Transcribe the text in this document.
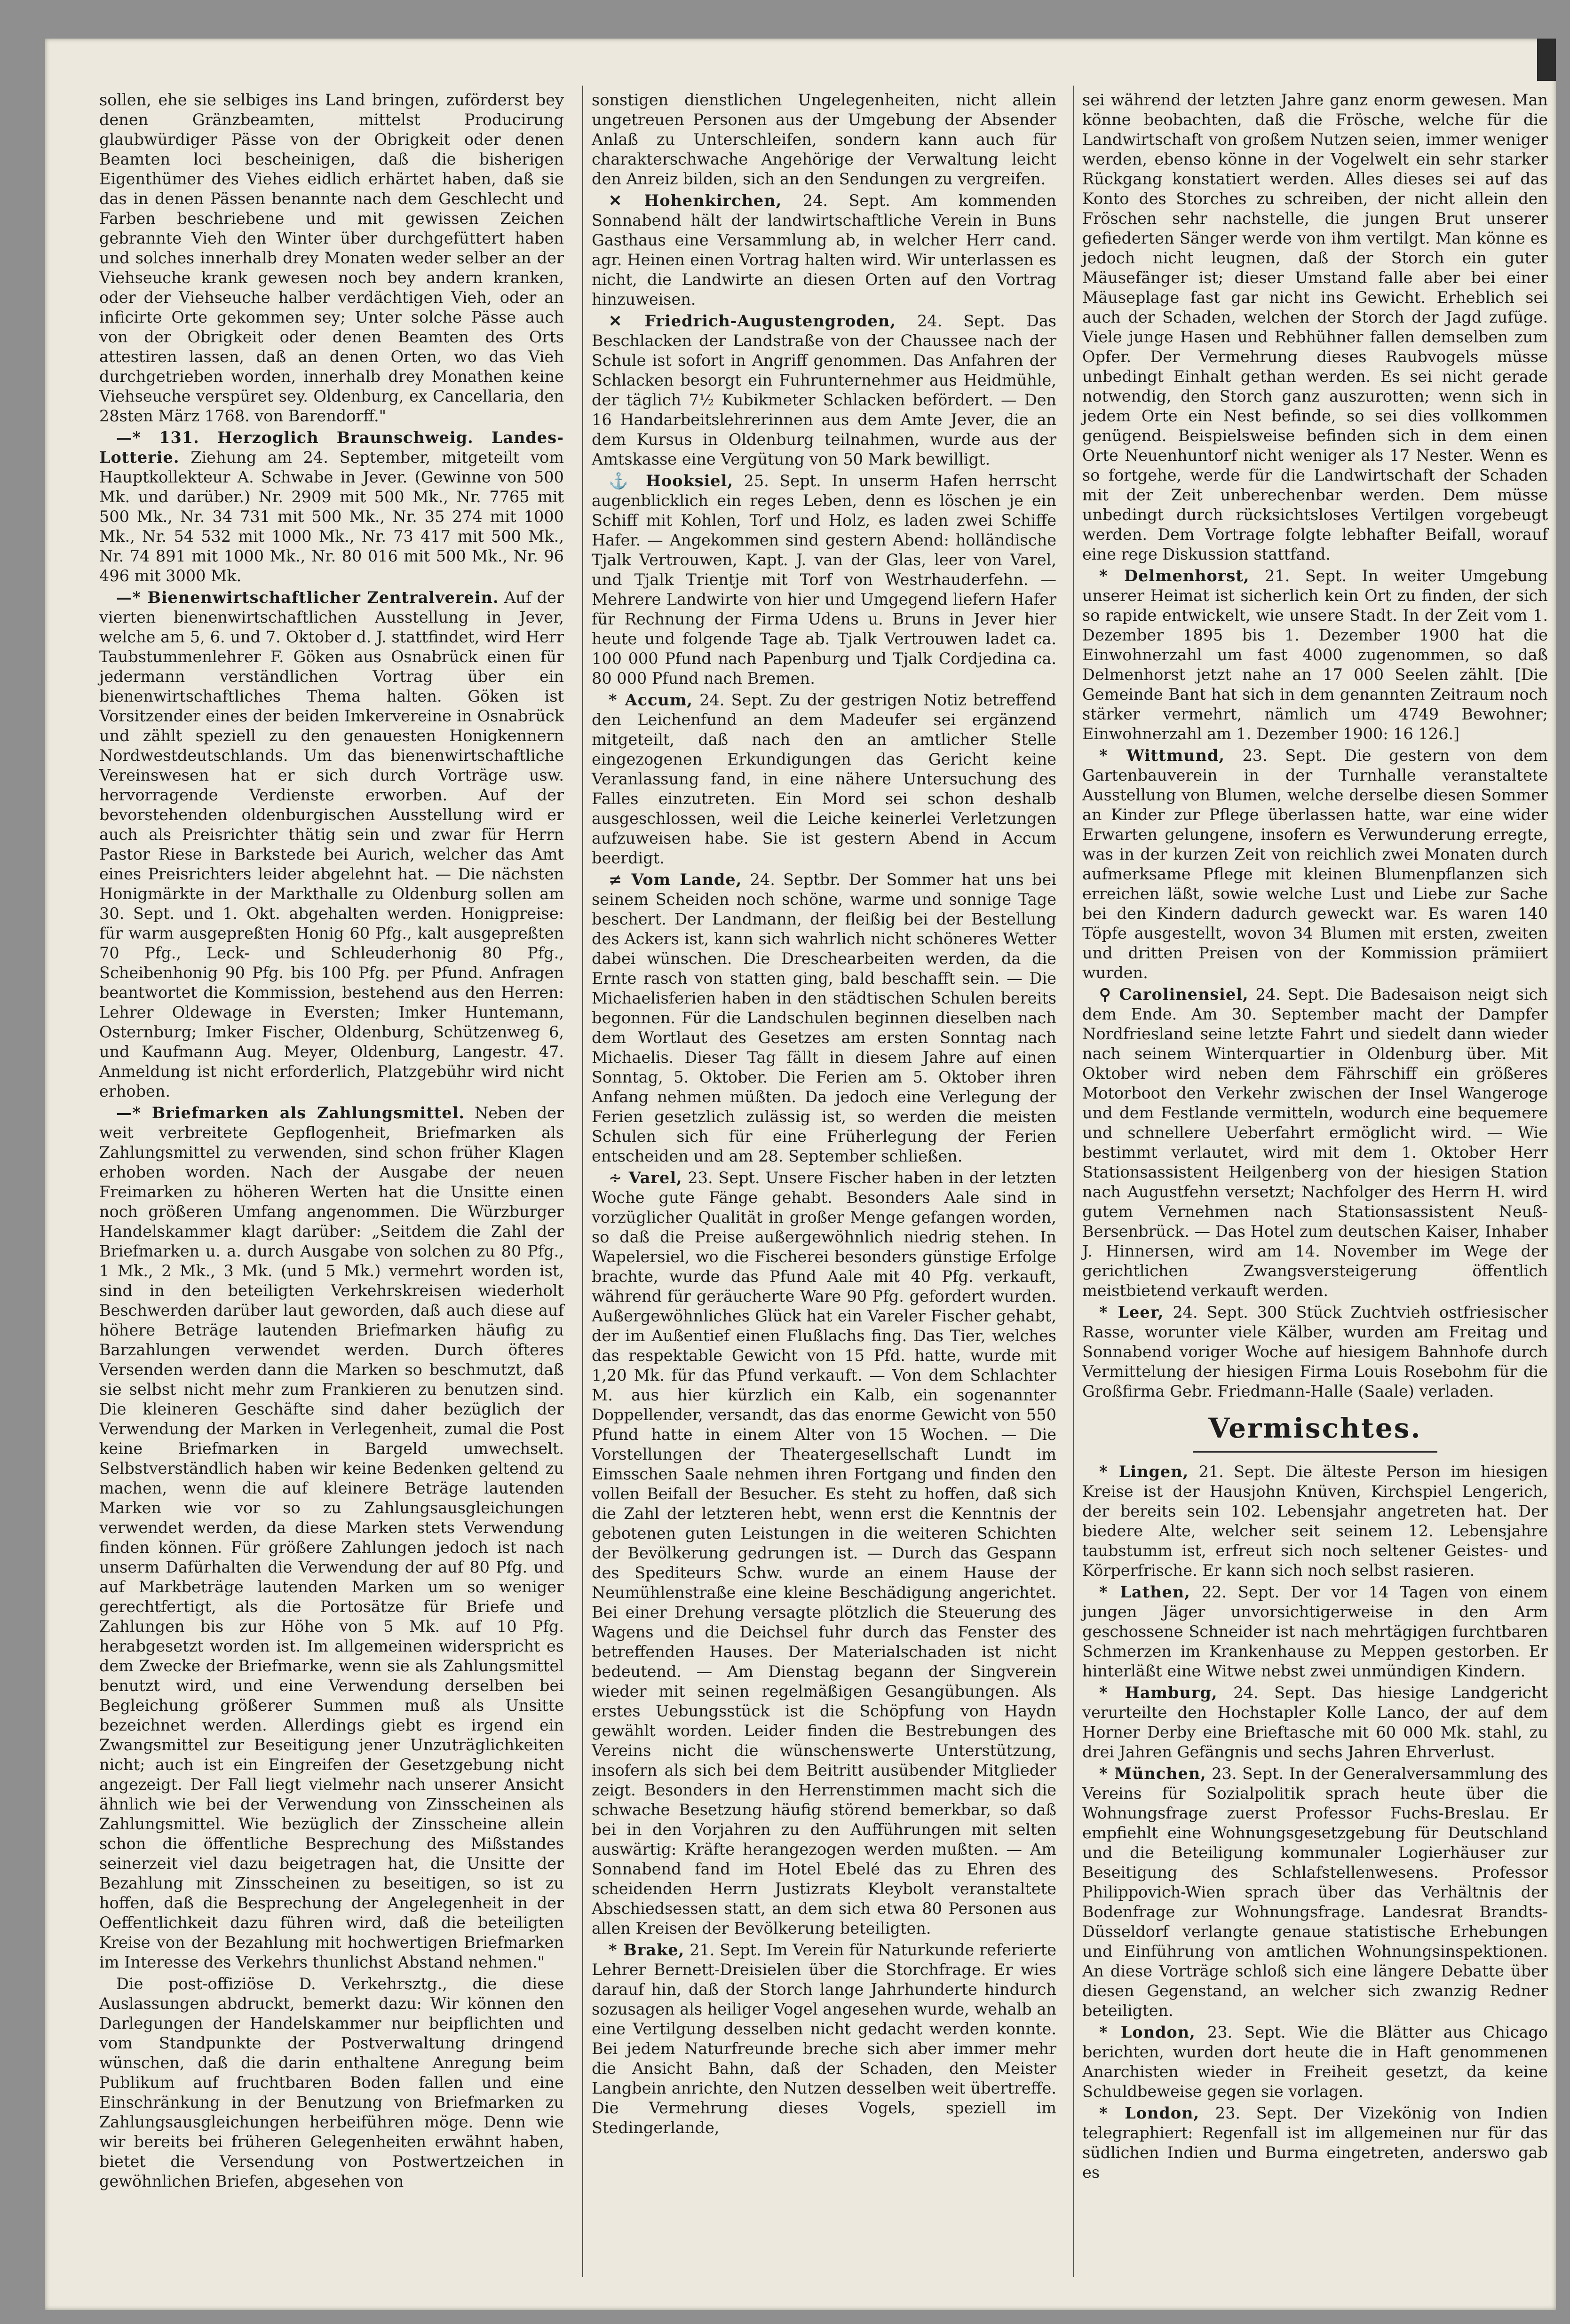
sollen, ehe sie selbiges ins Land bringen, zuförderst bey denen Gränzbeamten, mittelst Producirung glaubwürdiger Pässe von der Obrigkeit oder denen Beamten loci bescheinigen, daß die bisherigen Eigenthümer des Viehes eidlich erhärtet haben, daß sie das in denen Pässen benannte nach dem Geschlecht und Farben beschriebene und mit gewissen Zeichen gebrannte Vieh den Winter über durchgefüttert haben und solches innerhalb drey Monaten weder selber an der Viehseuche krank gewesen noch bey andern kranken, oder der Viehseuche halber verdächtigen Vieh, oder an inficirte Orte gekommen sey; Unter solche Pässe auch von der Obrigkeit oder denen Beamten des Orts attestiren lassen, daß an denen Orten, wo das Vieh durchgetrieben worden, innerhalb drey Monathen keine Viehseuche verspüret sey. Oldenburg, ex Cancellaria, den 28sten März 1768. von Barendorff."

—* 131. Herzoglich Braunschweig. Landes-Lotterie. Ziehung am 24. September, mitgeteilt vom Hauptkollekteur A. Schwabe in Jever. (Gewinne von 500 Mk. und darüber.) Nr. 2909 mit 500 Mk., Nr. 7765 mit 500 Mk., Nr. 34 731 mit 500 Mk., Nr. 35 274 mit 1000 Mk., Nr. 54 532 mit 1000 Mk., Nr. 73 417 mit 500 Mk., Nr. 74 891 mit 1000 Mk., Nr. 80 016 mit 500 Mk., Nr. 96 496 mit 3000 Mk.

—* Bienenwirtschaftlicher Zentralverein. Auf der vierten bienenwirtschaftlichen Ausstellung in Jever, welche am 5, 6. und 7. Oktober d. J. stattfindet, wird Herr Taubstummenlehrer F. Göken aus Osnabrück einen für jedermann verständlichen Vortrag über ein bienenwirtschaftliches Thema halten. Göken ist Vorsitzender eines der beiden Imkervereine in Osnabrück und zählt speziell zu den genauesten Honigkennern Nordwestdeutschlands. Um das bienenwirtschaftliche Vereinswesen hat er sich durch Vorträge usw. hervorragende Verdienste erworben. Auf der bevorstehenden oldenburgischen Ausstellung wird er auch als Preisrichter thätig sein und zwar für Herrn Pastor Riese in Barkstede bei Aurich, welcher das Amt eines Preisrichters leider abgelehnt hat. — Die nächsten Honigmärkte in der Markthalle zu Oldenburg sollen am 30. Sept. und 1. Okt. abgehalten werden. Honigpreise: für warm ausgepreßten Honig 60 Pfg., kalt ausgepreßten 70 Pfg., Leck- und Schleuderhonig 80 Pfg., Scheibenhonig 90 Pfg. bis 100 Pfg. per Pfund. Anfragen beantwortet die Kommission, bestehend aus den Herren: Lehrer Oldewage in Eversten; Imker Huntemann, Osternburg; Imker Fischer, Oldenburg, Schützenweg 6, und Kaufmann Aug. Meyer, Oldenburg, Langestr. 47. Anmeldung ist nicht erforderlich, Platzgebühr wird nicht erhoben.

—* Briefmarken als Zahlungsmittel. Neben der weit verbreitete Gepflogenheit, Briefmarken als Zahlungsmittel zu verwenden, sind schon früher Klagen erhoben worden. Nach der Ausgabe der neuen Freimarken zu höheren Werten hat die Unsitte einen noch größeren Umfang angenommen. Die Würzburger Handelskammer klagt darüber: „Seitdem die Zahl der Briefmarken u. a. durch Ausgabe von solchen zu 80 Pfg., 1 Mk., 2 Mk., 3 Mk. (und 5 Mk.) vermehrt worden ist, sind in den beteiligten Verkehrskreisen wiederholt Beschwerden darüber laut geworden, daß auch diese auf höhere Beträge lautenden Briefmarken häufig zu Barzahlungen verwendet werden. Durch öfteres Versenden werden dann die Marken so beschmutzt, daß sie selbst nicht mehr zum Frankieren zu benutzen sind. Die kleineren Geschäfte sind daher bezüglich der Verwendung der Marken in Verlegenheit, zumal die Post keine Briefmarken in Bargeld umwechselt. Selbstverständlich haben wir keine Bedenken geltend zu machen, wenn die auf kleinere Beträge lautenden Marken wie vor so zu Zahlungsausgleichungen verwendet werden, da diese Marken stets Verwendung finden können. Für größere Zahlungen jedoch ist nach unserm Dafürhalten die Verwendung der auf 80 Pfg. und auf Markbeträge lautenden Marken um so weniger gerechtfertigt, als die Portosätze für Briefe und Zahlungen bis zur Höhe von 5 Mk. auf 10 Pfg. herabgesetzt worden ist. Im allgemeinen widerspricht es dem Zwecke der Briefmarke, wenn sie als Zahlungsmittel benutzt wird, und eine Verwendung derselben bei Begleichung größerer Summen muß als Unsitte bezeichnet werden. Allerdings giebt es irgend ein Zwangsmittel zur Beseitigung jener Unzuträglichkeiten nicht; auch ist ein Eingreifen der Gesetzgebung nicht angezeigt. Der Fall liegt vielmehr nach unserer Ansicht ähnlich wie bei der Verwendung von Zinsscheinen als Zahlungsmittel. Wie bezüglich der Zinsscheine allein schon die öffentliche Besprechung des Mißstandes seinerzeit viel dazu beigetragen hat, die Unsitte der Bezahlung mit Zinsscheinen zu beseitigen, so ist zu hoffen, daß die Besprechung der Angelegenheit in der Oeffentlichkeit dazu führen wird, daß die beteiligten Kreise von der Bezahlung mit hochwertigen Briefmarken im Interesse des Verkehrs thunlichst Abstand nehmen."

Die post-offiziöse D. Verkehrsztg., die diese Auslassungen abdruckt, bemerkt dazu: Wir können den Darlegungen der Handelskammer nur beipflichten und vom Standpunkte der Postverwaltung dringend wünschen, daß die darin enthaltene Anregung beim Publikum auf fruchtbaren Boden fallen und eine Einschränkung in der Benutzung von Briefmarken zu Zahlungsausgleichungen herbeiführen möge. Denn wie wir bereits bei früheren Gelegenheiten erwähnt haben, bietet die Versendung von Postwertzeichen in gewöhnlichen Briefen, abgesehen von

sonstigen dienstlichen Ungelegenheiten, nicht allein ungetreuen Personen aus der Umgebung der Absender Anlaß zu Unterschleifen, sondern kann auch für charakterschwache Angehörige der Verwaltung leicht den Anreiz bilden, sich an den Sendungen zu vergreifen.

✕ Hohenkirchen, 24. Sept. Am kommenden Sonnabend hält der landwirtschaftliche Verein in Buns Gasthaus eine Versammlung ab, in welcher Herr cand. agr. Heinen einen Vortrag halten wird. Wir unterlassen es nicht, die Landwirte an diesen Orten auf den Vortrag hinzuweisen.

✕ Friedrich-Augustengroden, 24. Sept. Das Beschlacken der Landstraße von der Chaussee nach der Schule ist sofort in Angriff genommen. Das Anfahren der Schlacken besorgt ein Fuhrunternehmer aus Heidmühle, der täglich 7½ Kubikmeter Schlacken befördert. — Den 16 Handarbeitslehrerinnen aus dem Amte Jever, die an dem Kursus in Oldenburg teilnahmen, wurde aus der Amtskasse eine Vergütung von 50 Mark bewilligt.

⚓ Hooksiel, 25. Sept. In unserm Hafen herrscht augenblicklich ein reges Leben, denn es löschen je ein Schiff mit Kohlen, Torf und Holz, es laden zwei Schiffe Hafer. — Angekommen sind gestern Abend: holländische Tjalk Vertrouwen, Kapt. J. van der Glas, leer von Varel, und Tjalk Trientje mit Torf von Westrhauderfehn. — Mehrere Landwirte von hier und Umgegend liefern Hafer für Rechnung der Firma Udens u. Bruns in Jever hier heute und folgende Tage ab. Tjalk Vertrouwen ladet ca. 100 000 Pfund nach Papenburg und Tjalk Cordjedina ca. 80 000 Pfund nach Bremen.

* Accum, 24. Sept. Zu der gestrigen Notiz betreffend den Leichenfund an dem Madeufer sei ergänzend mitgeteilt, daß nach den an amtlicher Stelle eingezogenen Erkundigungen das Gericht keine Veranlassung fand, in eine nähere Untersuchung des Falles einzutreten. Ein Mord sei schon deshalb ausgeschlossen, weil die Leiche keinerlei Verletzungen aufzuweisen habe. Sie ist gestern Abend in Accum beerdigt.

≠ Vom Lande, 24. Septbr. Der Sommer hat uns bei seinem Scheiden noch schöne, warme und sonnige Tage beschert. Der Landmann, der fleißig bei der Bestellung des Ackers ist, kann sich wahrlich nicht schöneres Wetter dabei wünschen. Die Dreschearbeiten werden, da die Ernte rasch von statten ging, bald beschafft sein. — Die Michaelisferien haben in den städtischen Schulen bereits begonnen. Für die Landschulen beginnen dieselben nach dem Wortlaut des Gesetzes am ersten Sonntag nach Michaelis. Dieser Tag fällt in diesem Jahre auf einen Sonntag, 5. Oktober. Die Ferien am 5. Oktober ihren Anfang nehmen müßten. Da jedoch eine Verlegung der Ferien gesetzlich zulässig ist, so werden die meisten Schulen sich für eine Früherlegung der Ferien entscheiden und am 28. September schließen.

∻ Varel, 23. Sept. Unsere Fischer haben in der letzten Woche gute Fänge gehabt. Besonders Aale sind in vorzüglicher Qualität in großer Menge gefangen worden, so daß die Preise außergewöhnlich niedrig stehen. In Wapelersiel, wo die Fischerei besonders günstige Erfolge brachte, wurde das Pfund Aale mit 40 Pfg. verkauft, während für geräucherte Ware 90 Pfg. gefordert wurden. Außergewöhnliches Glück hat ein Vareler Fischer gehabt, der im Außentief einen Flußlachs fing. Das Tier, welches das respektable Gewicht von 15 Pfd. hatte, wurde mit 1,20 Mk. für das Pfund verkauft. — Von dem Schlachter M. aus hier kürzlich ein Kalb, ein sogenannter Doppellender, versandt, das das enorme Gewicht von 550 Pfund hatte in einem Alter von 15 Wochen. — Die Vorstellungen der Theatergesellschaft Lundt im Eimsschen Saale nehmen ihren Fortgang und finden den vollen Beifall der Besucher. Es steht zu hoffen, daß sich die Zahl der letzteren hebt, wenn erst die Kenntnis der gebotenen guten Leistungen in die weiteren Schichten der Bevölkerung gedrungen ist. — Durch das Gespann des Spediteurs Schw. wurde an einem Hause der Neumühlenstraße eine kleine Beschädigung angerichtet. Bei einer Drehung versagte plötzlich die Steuerung des Wagens und die Deichsel fuhr durch das Fenster des betreffenden Hauses. Der Materialschaden ist nicht bedeutend. — Am Dienstag begann der Singverein wieder mit seinen regelmäßigen Gesangübungen. Als erstes Uebungsstück ist die Schöpfung von Haydn gewählt worden. Leider finden die Bestrebungen des Vereins nicht die wünschenswerte Unterstützung, insofern als sich bei dem Beitritt ausübender Mitglieder zeigt. Besonders in den Herrenstimmen macht sich die schwache Besetzung häufig störend bemerkbar, so daß bei in den Vorjahren zu den Aufführungen mit selten auswärtig: Kräfte herangezogen werden mußten. — Am Sonnabend fand im Hotel Ebelé das zu Ehren des scheidenden Herrn Justizrats Kleybolt veranstaltete Abschiedsessen statt, an dem sich etwa 80 Personen aus allen Kreisen der Bevölkerung beteiligten.

* Brake, 21. Sept. Im Verein für Naturkunde referierte Lehrer Bernett-Dreisielen über die Storchfrage. Er wies darauf hin, daß der Storch lange Jahrhunderte hindurch sozusagen als heiliger Vogel angesehen wurde, wehalb an eine Vertilgung desselben nicht gedacht werden konnte. Bei jedem Naturfreunde breche sich aber immer mehr die Ansicht Bahn, daß der Schaden, den Meister Langbein anrichte, den Nutzen desselben weit übertreffe. Die Vermehrung dieses Vogels, speziell im Stedingerlande,

sei während der letzten Jahre ganz enorm gewesen. Man könne beobachten, daß die Frösche, welche für die Landwirtschaft von großem Nutzen seien, immer weniger werden, ebenso könne in der Vogelwelt ein sehr starker Rückgang konstatiert werden. Alles dieses sei auf das Konto des Storches zu schreiben, der nicht allein den Fröschen sehr nachstelle, die jungen Brut unserer gefiederten Sänger werde von ihm vertilgt. Man könne es jedoch nicht leugnen, daß der Storch ein guter Mäusefänger ist; dieser Umstand falle aber bei einer Mäuseplage fast gar nicht ins Gewicht. Erheblich sei auch der Schaden, welchen der Storch der Jagd zufüge. Viele junge Hasen und Rebhühner fallen demselben zum Opfer. Der Vermehrung dieses Raubvogels müsse unbedingt Einhalt gethan werden. Es sei nicht gerade notwendig, den Storch ganz auszurotten; wenn sich in jedem Orte ein Nest befinde, so sei dies vollkommen genügend. Beispielsweise befinden sich in dem einen Orte Neuenhuntorf nicht weniger als 17 Nester. Wenn es so fortgehe, werde für die Landwirtschaft der Schaden mit der Zeit unberechenbar werden. Dem müsse unbedingt durch rücksichtsloses Vertilgen vorgebeugt werden. Dem Vortrage folgte lebhafter Beifall, worauf eine rege Diskussion stattfand.

* Delmenhorst, 21. Sept. In weiter Umgebung unserer Heimat ist sicherlich kein Ort zu finden, der sich so rapide entwickelt, wie unsere Stadt. In der Zeit vom 1. Dezember 1895 bis 1. Dezember 1900 hat die Einwohnerzahl um fast 4000 zugenommen, so daß Delmenhorst jetzt nahe an 17 000 Seelen zählt. [Die Gemeinde Bant hat sich in dem genannten Zeitraum noch stärker vermehrt, nämlich um 4749 Bewohner; Einwohnerzahl am 1. Dezember 1900: 16 126.]

* Wittmund, 23. Sept. Die gestern von dem Gartenbauverein in der Turnhalle veranstaltete Ausstellung von Blumen, welche derselbe diesen Sommer an Kinder zur Pflege überlassen hatte, war eine wider Erwarten gelungene, insofern es Verwunderung erregte, was in der kurzen Zeit von reichlich zwei Monaten durch aufmerksame Pflege mit kleinen Blumenpflanzen sich erreichen läßt, sowie welche Lust und Liebe zur Sache bei den Kindern dadurch geweckt war. Es waren 140 Töpfe ausgestellt, wovon 34 Blumen mit ersten, zweiten und dritten Preisen von der Kommission prämiiert wurden.

⚲ Carolinensiel, 24. Sept. Die Badesaison neigt sich dem Ende. Am 30. September macht der Dampfer Nordfriesland seine letzte Fahrt und siedelt dann wieder nach seinem Winterquartier in Oldenburg über. Mit Oktober wird neben dem Fährschiff ein größeres Motorboot den Verkehr zwischen der Insel Wangeroge und dem Festlande vermitteln, wodurch eine bequemere und schnellere Ueberfahrt ermöglicht wird. — Wie bestimmt verlautet, wird mit dem 1. Oktober Herr Stationsassistent Heilgenberg von der hiesigen Station nach Augustfehn versetzt; Nachfolger des Herrn H. wird gutem Vernehmen nach Stationsassistent Neuß-Bersenbrück. — Das Hotel zum deutschen Kaiser, Inhaber J. Hinnersen, wird am 14. November im Wege der gerichtlichen Zwangsversteigerung öffentlich meistbietend verkauft werden.

* Leer, 24. Sept. 300 Stück Zuchtvieh ostfriesischer Rasse, worunter viele Kälber, wurden am Freitag und Sonnabend voriger Woche auf hiesigem Bahnhofe durch Vermittelung der hiesigen Firma Louis Rosebohm für die Großfirma Gebr. Friedmann-Halle (Saale) verladen.

Vermischtes.

* Lingen, 21. Sept. Die älteste Person im hiesigen Kreise ist der Hausjohn Knüven, Kirchspiel Lengerich, der bereits sein 102. Lebensjahr angetreten hat. Der biedere Alte, welcher seit seinem 12. Lebensjahre taubstumm ist, erfreut sich noch seltener Geistes- und Körperfrische. Er kann sich noch selbst rasieren.

* Lathen, 22. Sept. Der vor 14 Tagen von einem jungen Jäger unvorsichtigerweise in den Arm geschossene Schneider ist nach mehrtägigen furchtbaren Schmerzen im Krankenhause zu Meppen gestorben. Er hinterläßt eine Witwe nebst zwei unmündigen Kindern.

* Hamburg, 24. Sept. Das hiesige Landgericht verurteilte den Hochstapler Kolle Lanco, der auf dem Horner Derby eine Brieftasche mit 60 000 Mk. stahl, zu drei Jahren Gefängnis und sechs Jahren Ehrverlust.

* München, 23. Sept. In der Generalversammlung des Vereins für Sozialpolitik sprach heute über die Wohnungsfrage zuerst Professor Fuchs-Breslau. Er empfiehlt eine Wohnungsgesetzgebung für Deutschland und die Beteiligung kommunaler Logierhäuser zur Beseitigung des Schlafstellenwesens. Professor Philippovich-Wien sprach über das Verhältnis der Bodenfrage zur Wohnungsfrage. Landesrat Brandts-Düsseldorf verlangte genaue statistische Erhebungen und Einführung von amtlichen Wohnungsinspektionen. An diese Vorträge schloß sich eine längere Debatte über diesen Gegenstand, an welcher sich zwanzig Redner beteiligten.

* London, 23. Sept. Wie die Blätter aus Chicago berichten, wurden dort heute die in Haft genommenen Anarchisten wieder in Freiheit gesetzt, da keine Schuldbeweise gegen sie vorlagen.

* London, 23. Sept. Der Vizekönig von Indien telegraphiert: Regenfall ist im allgemeinen nur für das südlichen Indien und Burma eingetreten, anderswo gab es
